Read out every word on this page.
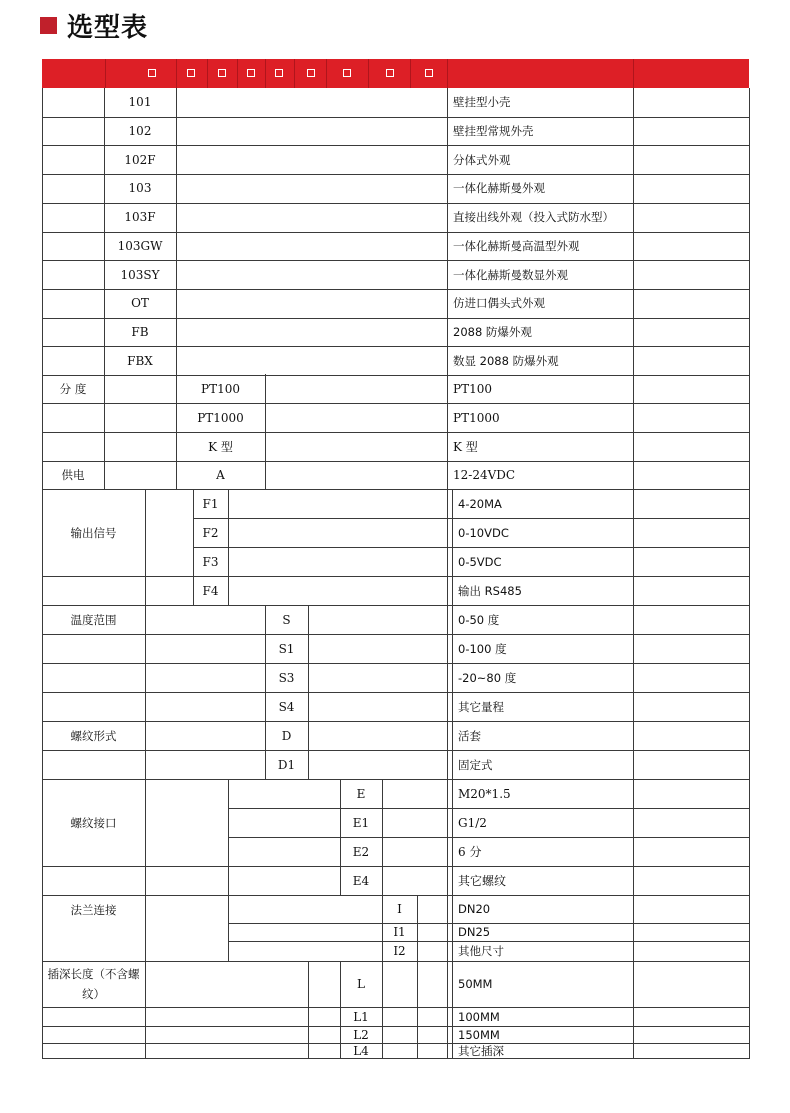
选型表
101	壁挂型小壳
102	壁挂型常规外壳
102F	分体式外观
103	一体化赫斯曼外观
103F	直接出线外观（投入式防水型）
103GW	一体化赫斯曼高温型外观
103SY	一体化赫斯曼数显外观
OT	仿进口偶头式外观
FB	2088 防爆外观
FBX	数显 2088 防爆外观
分 度	PT100	PT100
PT1000	PT1000
K 型	K 型
供电	A	12-24VDC
输出信号
F1	4-20MA
F2	0-10VDC
F3	0-5VDC
F4	输出 RS485
温度范围	S	0-50 度
S1	0-100 度
S3	-20~80 度
S4	其它量程
螺纹形式	D	活套
D1	固定式
螺纹接口
E	M20*1.5
E1	G1/2
E2	6 分
E4	其它螺纹
法兰连接	I	DN20
I1	DN25
I2	其他尺寸
插深长度（不含螺纹）
L	50MM
L1	100MM
L2	150MM
L4	其它插深
